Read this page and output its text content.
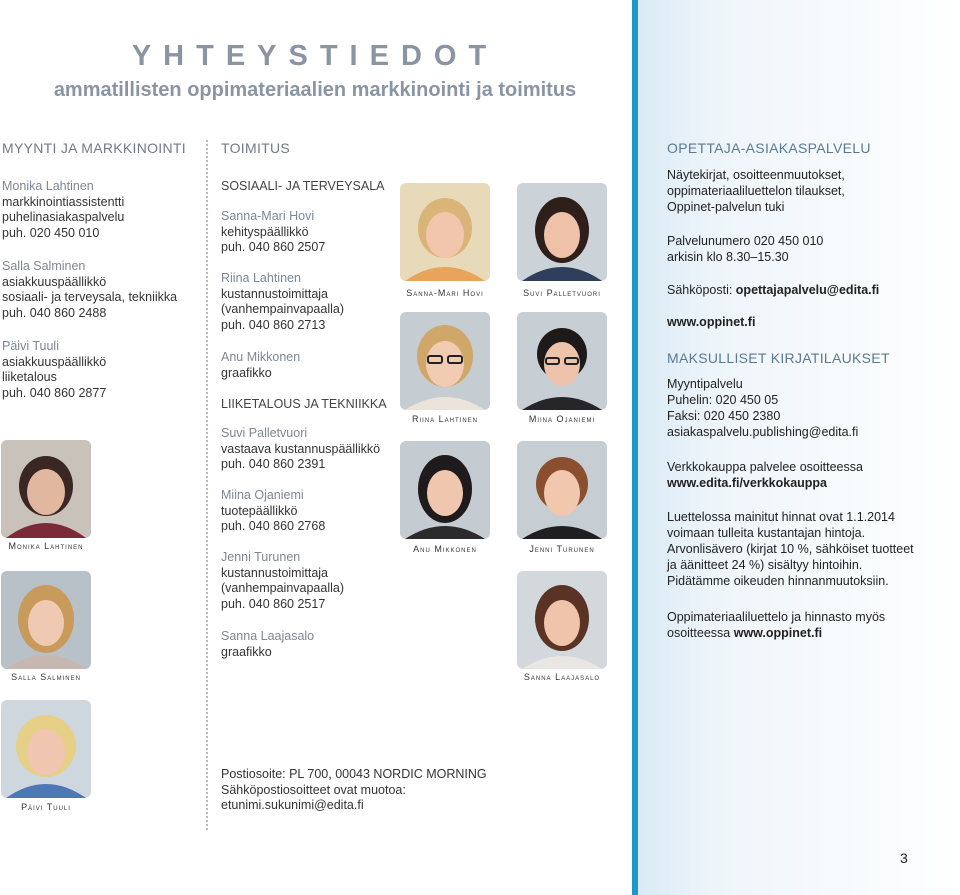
YHTEYSTIEDOT
ammatillisten oppimateriaalien markkinointi ja toimitus
MYYNTI JA MARKKINOINTI
Monika Lahtinen
markkinointiassistentti
puhelinasiakaspalvelu
puh. 020 450 010
Salla Salminen
asiakkuuspäällikkö
sosiaali- ja terveysala, tekniikka
puh. 040 860 2488
Päivi Tuuli
asiakkuuspäällikkö
liiketalous
puh. 040 860 2877
Monika Lahtinen
Salla Salminen
Päivi Tuuli
TOIMITUS
SOSIAALI- JA TERVEYSALA
Sanna-Mari Hovi
kehityspäällikkö
puh. 040 860 2507
Riina Lahtinen
kustannustoimittaja
(vanhempainvapaalla)
puh. 040 860 2713
Anu Mikkonen
graafikko
LIIKETALOUS JA TEKNIIKKA
Suvi Palletvuori
vastaava kustannuspäällikkö
puh. 040 860 2391
Miina Ojaniemi
tuotepäällikkö
puh. 040 860 2768
Jenni Turunen
kustannustoimittaja
(vanhempainvapaalla)
puh. 040 860 2517
Sanna Laajasalo
graafikko
Postiosoite: PL 700, 00043 NORDIC MORNING
Sähköpostiosoitteet ovat muotoa:
etunimi.sukunimi@edita.fi
Sanna-Mari Hovi
Riina Lahtinen
Anu Mikkonen
Suvi Palletvuori
Miina Ojaniemi
Jenni Turunen
Sanna Laajasalo
OPETTAJA-ASIAKASPALVELU
Näytekirjat, osoitteenmuutokset,
oppimateriaaliluettelon tilaukset,
Oppinet-palvelun tuki
Palvelunumero 020 450 010
arkisin klo 8.30–15.30
Sähköposti: opettajapalvelu@edita.fi
www.oppinet.fi
MAKSULLISET KIRJATILAUKSET
Myyntipalvelu
Puhelin: 020 450 05
Faksi: 020 450 2380
asiakaspalvelu.publishing@edita.fi
Verkkokauppa palvelee osoitteessa
www.edita.fi/verkkokauppa
Luettelossa mainitut hinnat ovat 1.1.2014
voimaan tulleita kustantajan hintoja.
Arvonlisävero (kirjat 10 %, sähköiset tuotteet
ja äänitteet 24 %) sisältyy hintoihin.
Pidätämme oikeuden hinnanmuutoksiin.
Oppimateriaaliluettelo ja hinnasto myös
osoitteessa www.oppinet.fi
3
